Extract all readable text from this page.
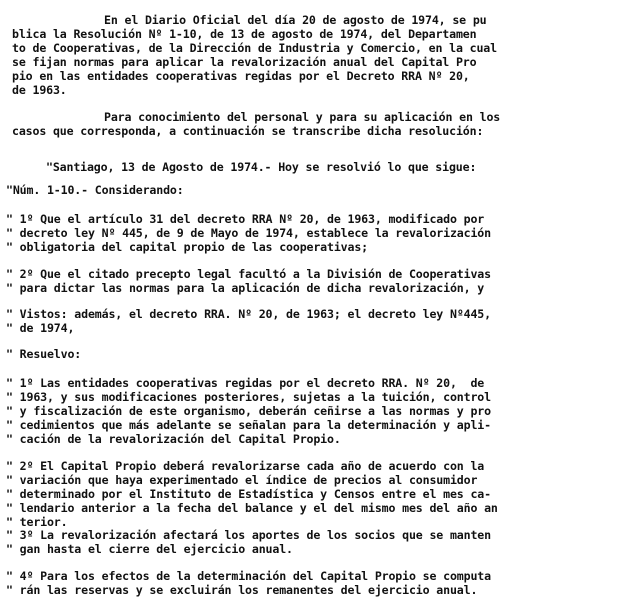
En el Diario Oficial del día 20 de agosto de 1974, se pu
blica la Resolución Nº 1-10, de 13 de agosto de 1974, del Departamen
to de Cooperativas, de la Dirección de Industria y Comercio, en la cual
se fijan normas para aplicar la revalorización anual del Capital Pro
pio en las entidades cooperativas regidas por el Decreto RRA Nº 20,
de 1963.
Para conocimiento del personal y para su aplicación en los
casos que corresponda, a continuación se transcribe dicha resolución:
"Santiago, 13 de Agosto de 1974.- Hoy se resolvió lo que sigue:
"Núm. 1-10.- Considerando:
" 1º Que el artículo 31 del decreto RRA Nº 20, de 1963, modificado por
" decreto ley Nº 445, de 9 de Mayo de 1974, establece la revalorización
" obligatoria del capital propio de las cooperativas;
" 2º Que el citado precepto legal facultó a la División de Cooperativas
" para dictar las normas para la aplicación de dicha revalorización, y
" Vistos: además, el decreto RRA. Nº 20, de 1963; el decreto ley Nº445,
" de 1974,
" Resuelvo:
" 1º Las entidades cooperativas regidas por el decreto RRA. Nº 20,  de
" 1963, y sus modificaciones posteriores, sujetas a la tuición, control
" y fiscalización de este organismo, deberán ceñirse a las normas y pro
" cedimientos que más adelante se señalan para la determinación y apli-
" cación de la revalorización del Capital Propio.
" 2º El Capital Propio deberá revalorizarse cada año de acuerdo con la
" variación que haya experimentado el índice de precios al consumidor
" determinado por el Instituto de Estadística y Censos entre el mes ca-
" lendario anterior a la fecha del balance y el del mismo mes del año an
" terior.
" 3º La revalorización afectará los aportes de los socios que se manten
" gan hasta el cierre del ejercicio anual.
" 4º Para los efectos de la determinación del Capital Propio se computa
" rán las reservas y se excluirán los remanentes del ejercicio anual.
